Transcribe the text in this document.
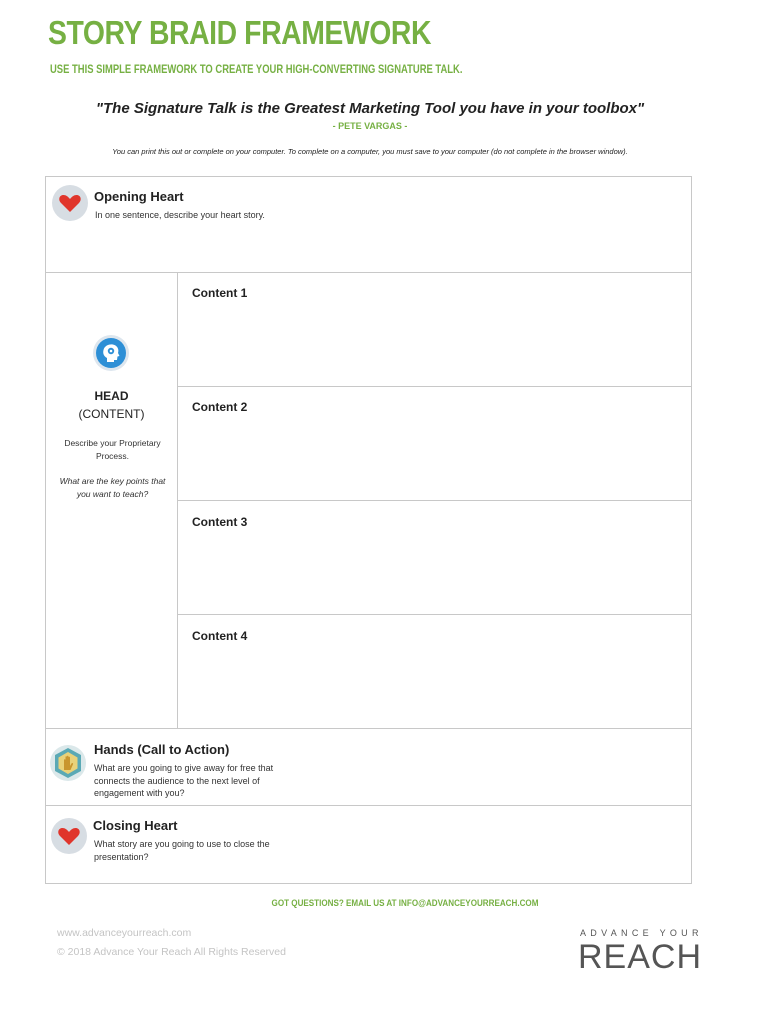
STORY BRAID FRAMEWORK
USE THIS SIMPLE FRAMEWORK TO CREATE YOUR HIGH-CONVERTING SIGNATURE TALK.
"The Signature Talk is the Greatest Marketing Tool you have in your toolbox"
- PETE VARGAS -
You can print this out or complete on your computer. To complete on a computer, you must save to your computer (do not complete in the browser window).
Opening Heart
In one sentence, describe your heart story.
HEAD
(CONTENT)
Describe your Proprietary Process.
What are the key points that you want to teach?
Content 1
Content 2
Content 3
Content 4
Hands (Call to Action)
What are you going to give away for free that connects the audience to the next level of engagement with you?
Closing Heart
What story are you going to use to close the presentation?
GOT QUESTIONS? EMAIL US AT INFO@ADVANCEYOURREACH.COM
www.advanceyourreach.com
© 2018 Advance Your Reach All Rights Reserved
ADVANCE YOUR
REACH
